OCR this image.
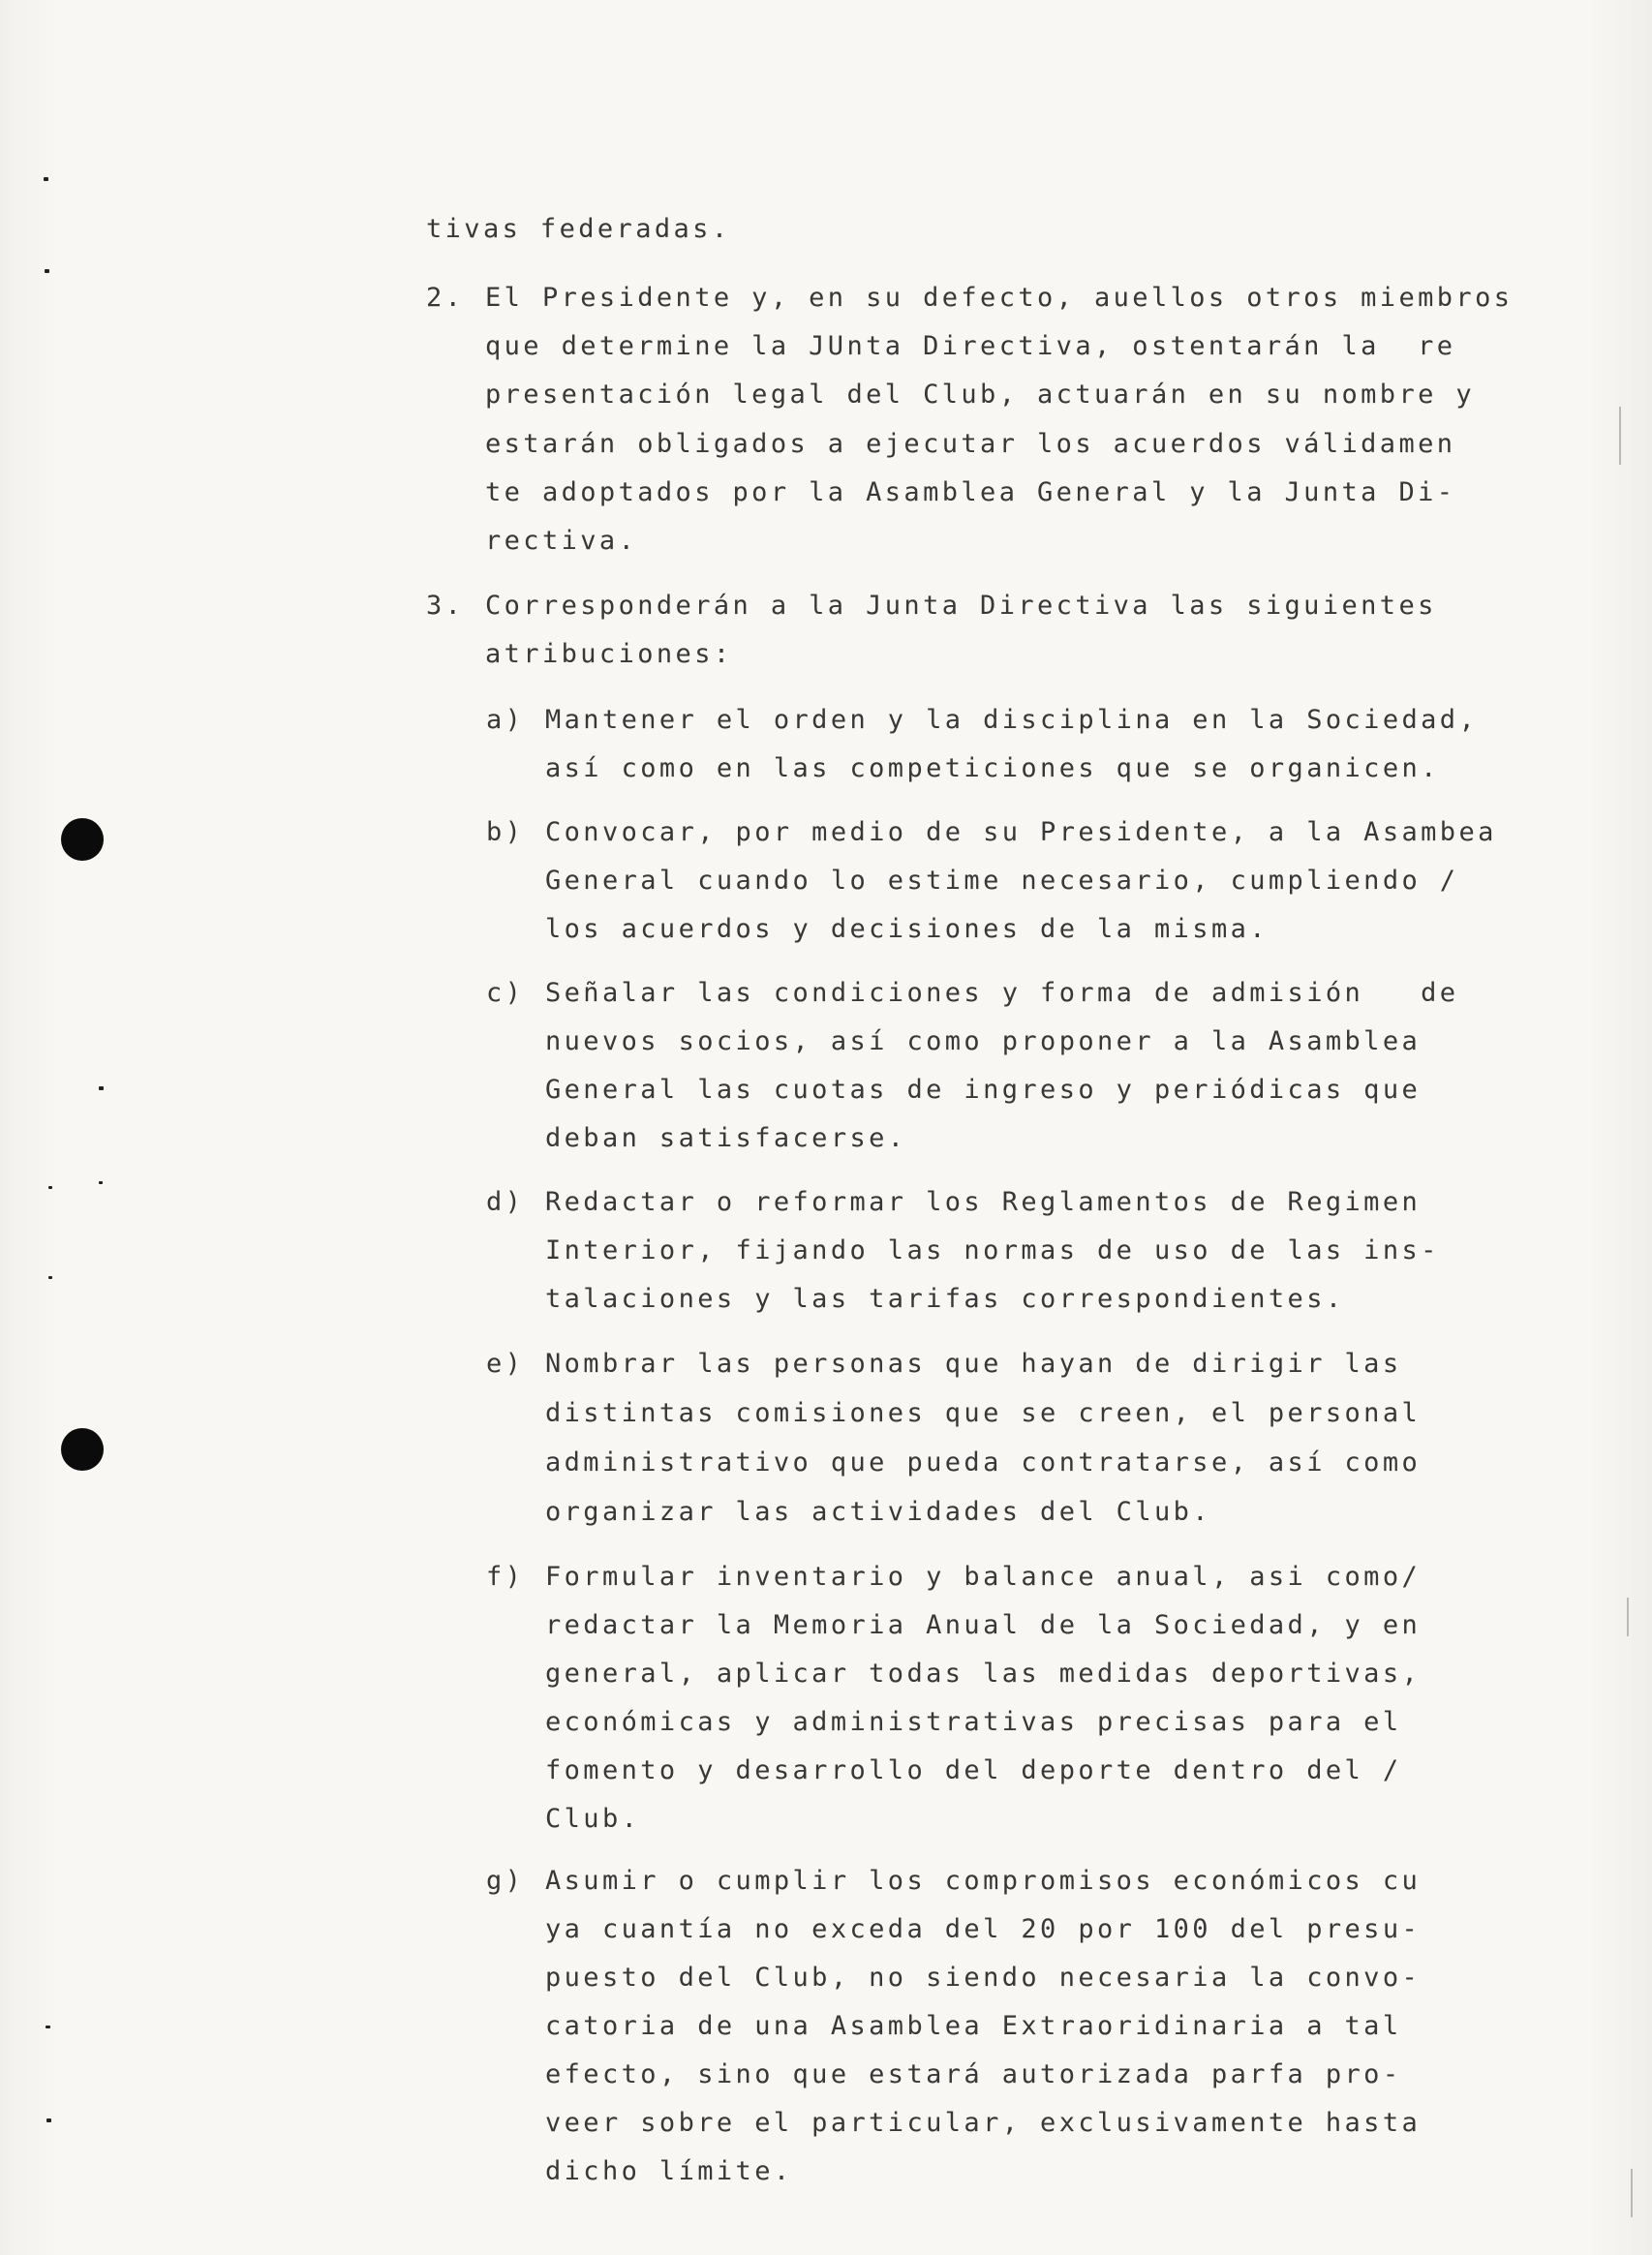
tivas federadas.
2. El Presidente y, en su defecto, auellos otros miembros
que determine la JUnta Directiva, ostentarán la  re
presentación legal del Club, actuarán en su nombre y
estarán obligados a ejecutar los acuerdos válidamen
te adoptados por la Asamblea General y la Junta Di-
rectiva.
3. Corresponderán a la Junta Directiva las siguientes
atribuciones:
a) Mantener el orden y la disciplina en la Sociedad,
así como en las competiciones que se organicen.
b) Convocar, por medio de su Presidente, a la Asambea
General cuando lo estime necesario, cumpliendo /
los acuerdos y decisiones de la misma.
c) Señalar las condiciones y forma de admisión   de
nuevos socios, así como proponer a la Asamblea
General las cuotas de ingreso y periódicas que
deban satisfacerse.
d) Redactar o reformar los Reglamentos de Regimen
Interior, fijando las normas de uso de las ins-
talaciones y las tarifas correspondientes.
e) Nombrar las personas que hayan de dirigir las
distintas comisiones que se creen, el personal
administrativo que pueda contratarse, así como
organizar las actividades del Club.
f) Formular inventario y balance anual, asi como/
redactar la Memoria Anual de la Sociedad, y en
general, aplicar todas las medidas deportivas,
económicas y administrativas precisas para el
fomento y desarrollo del deporte dentro del /
Club.
g) Asumir o cumplir los compromisos económicos cu
ya cuantía no exceda del 20 por 100 del presu-
puesto del Club, no siendo necesaria la convo-
catoria de una Asamblea Extraoridinaria a tal
efecto, sino que estará autorizada parfa pro-
veer sobre el particular, exclusivamente hasta
dicho límite.
